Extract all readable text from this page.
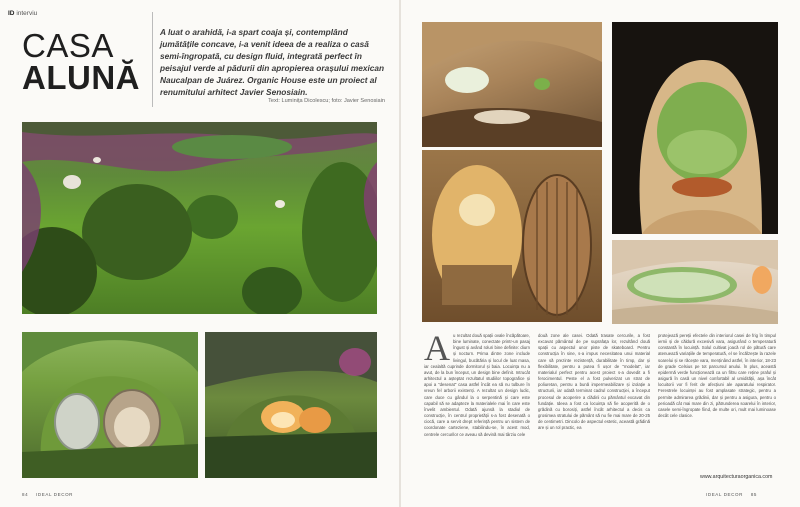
ID interviu
CASA
ALUNĂ
A luat o arahidă, i-a spart coaja și, contemplând jumătățile concave, i-a venit ideea de a realiza o casă semi-îngropată, cu design fluid, integrată perfect în peisajul verde al pădurii din apropierea orașului mexican Naucalpan de Juárez. Organic House este un proiect al renumitului arhitect Javier Senosiain.
Text: Luminița Dicolescu; foto: Javier Senosiain
A u rezultat două spații ovale încăpătoare, bine luminate, conectate printr-un pasaj îngust și având roluri bine definite: diurn și nocturn. Prima dintre zone include livingul, bucătăria și locul de luat masa, iar cealaltă cuprinde dormitorul și baia. Locuința nu a avut, de la bun început, un design bine definit. Intrucât arhitectul a așteptat rezultatul studiilor topografice și apoi a "desenat" casa astfel încât ea să nu tulbure în vreun fel arborii existenți. A rezultat un design ludic, care duce cu gândul la o serpentină și care este capabil să se adapteze la materialele mai în care este învelit ambientul. Odată ajunsă la stadiul de construcție, în centrul proprietății s-a fost desenată o ciocă, care a servit drept referință pentru un sistem de coordonate carteziene, stabilindu-se, în acest mod, centrele cercurilor ce aveau să devină mai târziu cele
două zone ale casei. Odată trasate cercurile, a fost excavat pământul de pe suprafața lor, rezultând două spații cu aspectul unor piste de skateboard. Pentru construcția în sine, s-a impus necesitatea unui material care să prezinte rezistență, durabilitate în timp, dar și flexibilitate, pentru a putea fi ușor de "modelat", iar materialul perfect pentru acest proiect s-a dovedit a fi ferocimentul. Peste el a fost pulverizat un strat de poliuretan, pentru a bună impermeabilizare și izolație a structurii, iar odată terminat cadrul construcției, a început procesul de acoperire a clădirii cu pământul excavat din fundație. Ideea a fost ca locuința să fie acoperită de o grădină cu borosiți, astfel încât arhitectul a decis ca grosimea stratului de pământ să nu fie mai mare de 20-25 de centimetri. Dincolo de aspectul estetic, această grădină are și un rol practic, ea
protejează pereții efectele din interiorul casei de frig în timpul iernii și de căldură excesivă vara, asigurând o temperatură constantă în locuință. Solul cultivat joacă rol de pătură care atenuează variațiile de temperatură, el se încălzește la razele soarelui și se răcește vara, menținând astfel, în interior, 18-23 de grade Celsius pe tot parcursul anului. În plus, această epidermă verde funcționează ca un filtru care reține praful și asigură în casă un nivel confortabil al umidității, așa încât locuitorii vor fi ferit de afecțiuni ale aparatului respirator. Ferestrele locuinței au fost amplasate strategic, pentru a permite admirarea grădinii, dar și pentru a asigura, pentru o perioadă cât mai mare din zi, pătrunderea soarelui în interior, casele semi-îngropate fiind, de multe ori, mult mai luminoase decât cele clasice.
www.arquitecturaorganica.com
84 IDEAL DECOR	IDEAL DECOR 85
